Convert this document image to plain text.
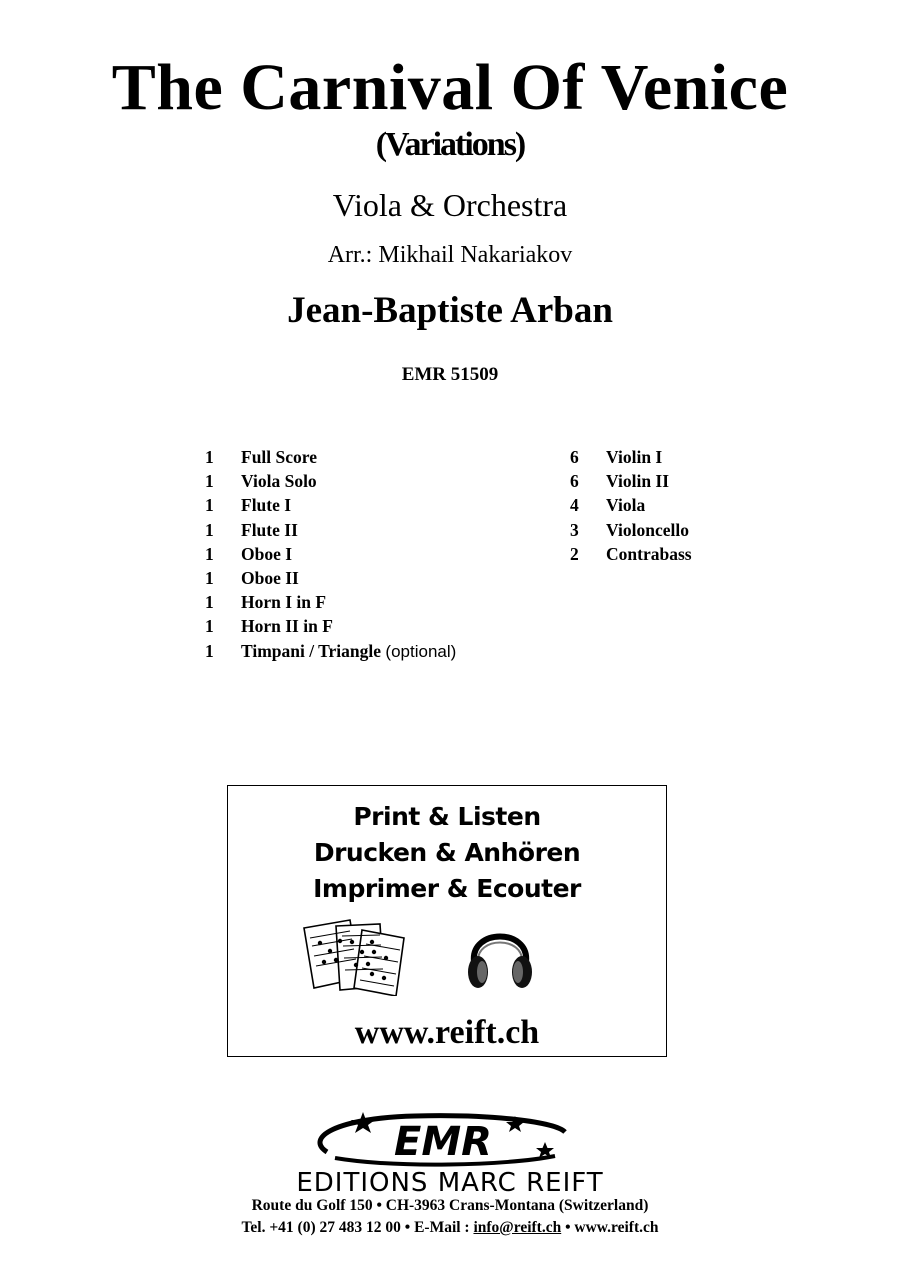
The Carnival Of Venice
(Variations)
Viola & Orchestra
Arr.: Mikhail Nakariakov
Jean-Baptiste Arban
EMR 51509
1 Full Score
1 Viola Solo
1 Flute I
1 Flute II
1 Oboe I
1 Oboe II
1 Horn I in F
1 Horn II in F
1 Timpani / Triangle (optional)
6 Violin I
6 Violin II
4 Viola
3 Violoncello
2 Contrabass
Print & Listen
Drucken & Anhören
Imprimer & Ecouter
www.reift.ch
EMR
EDITIONS MARC REIFT
Route du Golf 150 • CH-3963 Crans-Montana (Switzerland)
Tel. +41 (0) 27 483 12 00 • E-Mail : info@reift.ch • www.reift.ch
